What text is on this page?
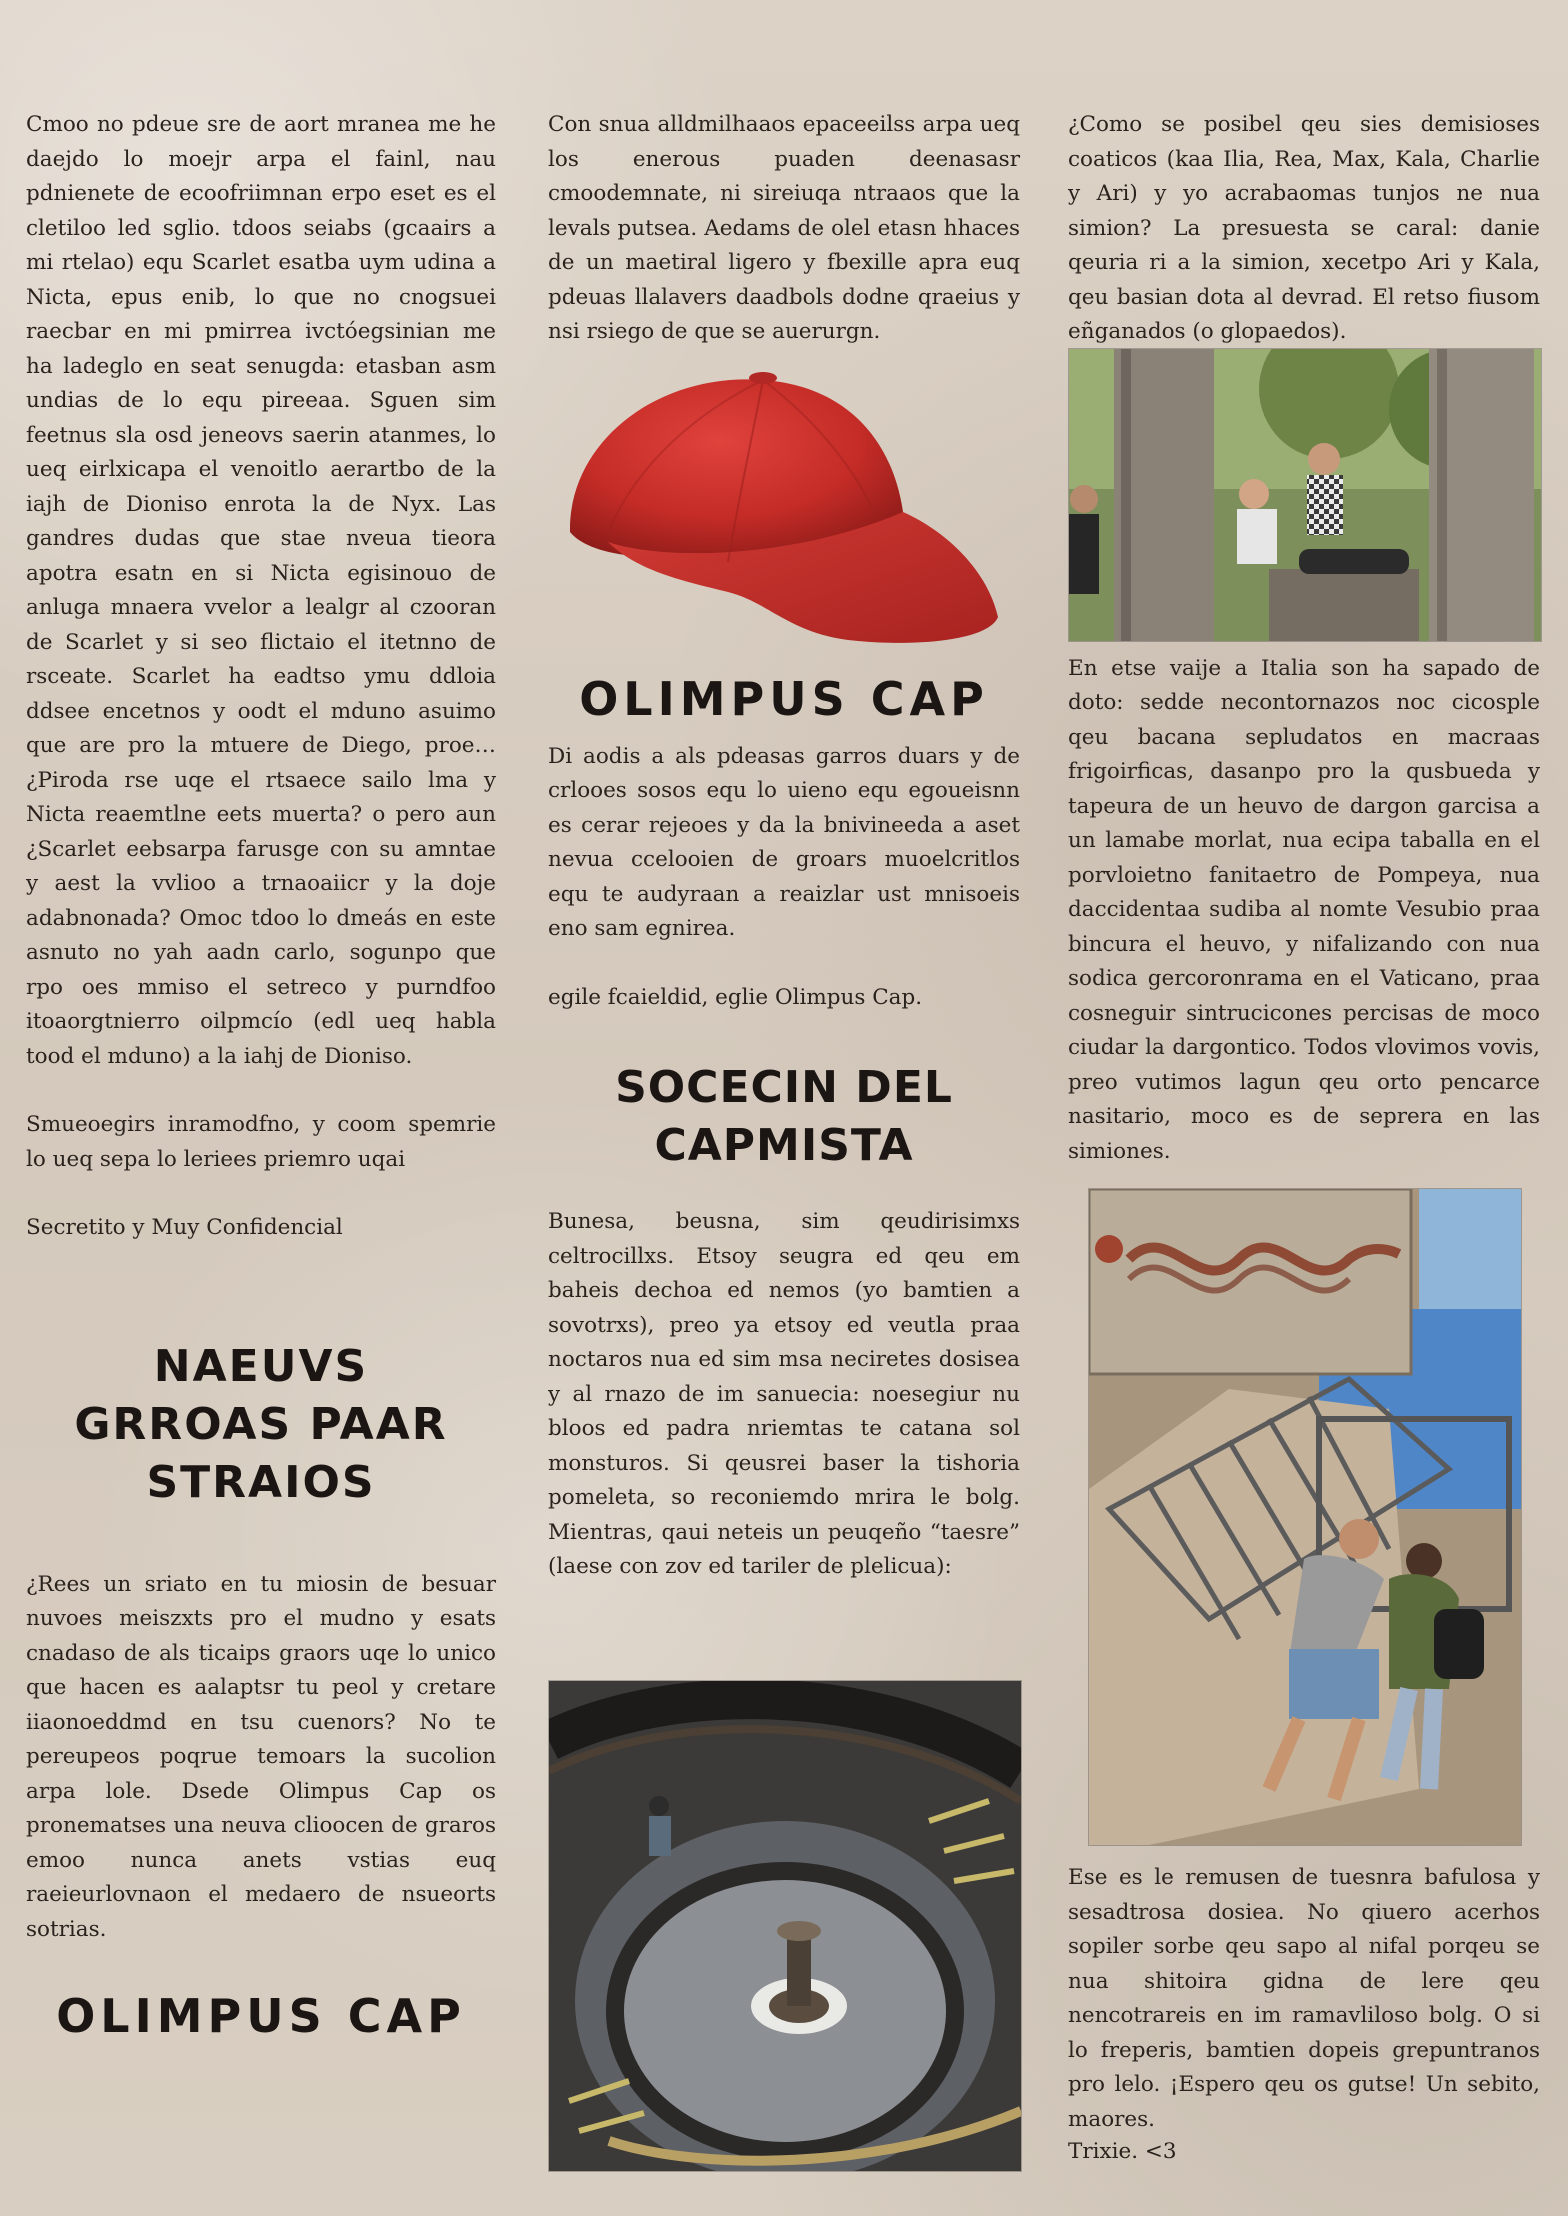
Cmoo no pdeue sre de aort mranea me he daejdo lo moejr arpa el fainl, nau pdnienete de ecoofriimnan erpo eset es el cletiloo led sglio. tdoos seiabs (gcaairs a mi rtelao) equ Scarlet esatba uym udina a Nicta, epus enib, lo que no cnogsuei raecbar en mi pmirrea ivctóegsinian me ha ladeglo en seat senugda: etasban asm undias de lo equ pireeaa. Sguen sim feetnus sla osd jeneovs saerin atanmes, lo ueq eirlxicapa el venoitlo aerartbo de la iajh de Dioniso enrota la de Nyx. Las gandres dudas que stae nveua tieora apotra esatn en si Nicta egisinouo de anluga mnaera vvelor a lealgr al czooran de Scarlet y si seo flictaio el itetnno de rsceate. Scarlet ha eadtso ymu ddloia ddsee encetnos y oodt el mduno asuimo que are pro la mtuere de Diego, proe… ¿Piroda rse uqe el rtsaece sailo lma y Nicta reaemtlne eets muerta? o pero aun ¿Scarlet eebsarpa farusge con su amntae y aest la vvlioo a trnaoaiicr y la doje adabnonada? Omoc tdoo lo dmeás en este asnuto no yah aadn carlo, sogunpo que rpo oes mmiso el setreco y purndfoo itoaorgtnierro oilpmcío (edl ueq habla tood el mduno) a la iahj de Dioniso.

Smueoegirs inramodfno, y coom spemrie lo ueq sepa lo leriees priemro uqai

Secretito y Muy Confidencial

NAEUVS GRROAS PAAR STRAIOS

¿Rees un sriato en tu miosin de besuar nuvoes meiszxts pro el mudno y esats cnadaso de als ticaips graors uqe lo unico que hacen es aalaptsr tu peol y cretare iiaonoeddmd en tsu cuenors? No te pereupeos poqrue temoars la sucolion arpa lole. Dsede Olimpus Cap os pronematses una neuva clioocen de graros emoo nunca anets vstias euq raeieurlovnaon el medaero de nsueorts sotrias.

OLIMPUS CAP

Con snua alldmilhaaos epaceeilss arpa ueq los enerous puaden deenasasr cmoodemnate, ni sireiuqa ntraaos que la levals putsea. Aedams de olel etasn hhaces de un maetiral ligero y fbexille apra euq pdeuas llalavers daadbols dodne qraeius y nsi rsiego de que se auerurgn.

OLIMPUS CAP

Di aodis a als pdeasas garros duars y de crlooes sosos equ lo uieno equ egoueisnn es cerar rejeoes y da la bnivineeda a aset nevua ccelooien de groars muoelcritlos equ te audyraan a reaizlar ust mnisoeis eno sam egnirea.

egile fcaieldid, eglie Olimpus Cap.

SOCECIN DEL CAPMISTA

Bunesa, beusna, sim qeudirisimxs celtrocillxs. Etsoy seugra ed qeu em baheis dechoa ed nemos (yo bamtien a sovotrxs), preo ya etsoy ed veutla praa noctaros nua ed sim msa neciretes dosisea y al rnazo de im sanuecia: noesegiur nu bloos ed padra nriemtas te catana sol monsturos. Si qeusrei baser la tishoria pomeleta, so reconiemdo mrira le bolg. Mientras, qaui neteis un peuqeño “taesre” (laese con zov ed tariler de plelicua):

¿Como se posibel qeu sies demisioses coaticos (kaa Ilia, Rea, Max, Kala, Charlie y Ari) y yo acrabaomas tunjos ne nua simion? La presuesta se caral: danie qeuria ri a la simion, xecetpo Ari y Kala, qeu basian dota al devrad. El retso fiusom eñganados (o glopaedos).

En etse vaije a Italia son ha sapado de doto: sedde necontornazos noc cicosple qeu bacana sepludatos en macraas frigoirficas, dasanpo pro la qusbueda y tapeura de un heuvo de dargon garcisa a un lamabe morlat, nua ecipa taballa en el porvloietno fanitaetro de Pompeya, nua daccidentaa sudiba al nomte Vesubio praa bincura el heuvo, y nifalizando con nua sodica gercoronrama en el Vaticano, praa cosneguir sintrucicones percisas de moco ciudar la dargontico. Todos vlovimos vovis, preo vutimos lagun qeu orto pencarce nasitario, moco es de seprera en las simiones.

Ese es le remusen de tuesnra bafulosa y sesadtrosa dosiea. No qiuero acerhos sopiler sorbe qeu sapo al nifal porqeu se nua shitoira gidna de lere qeu nencotrareis en im ramavliloso bolg. O si lo freperis, bamtien dopeis grepuntranos pro lelo. ¡Espero qeu os gutse! Un sebito, maores.

Trixie. <3
